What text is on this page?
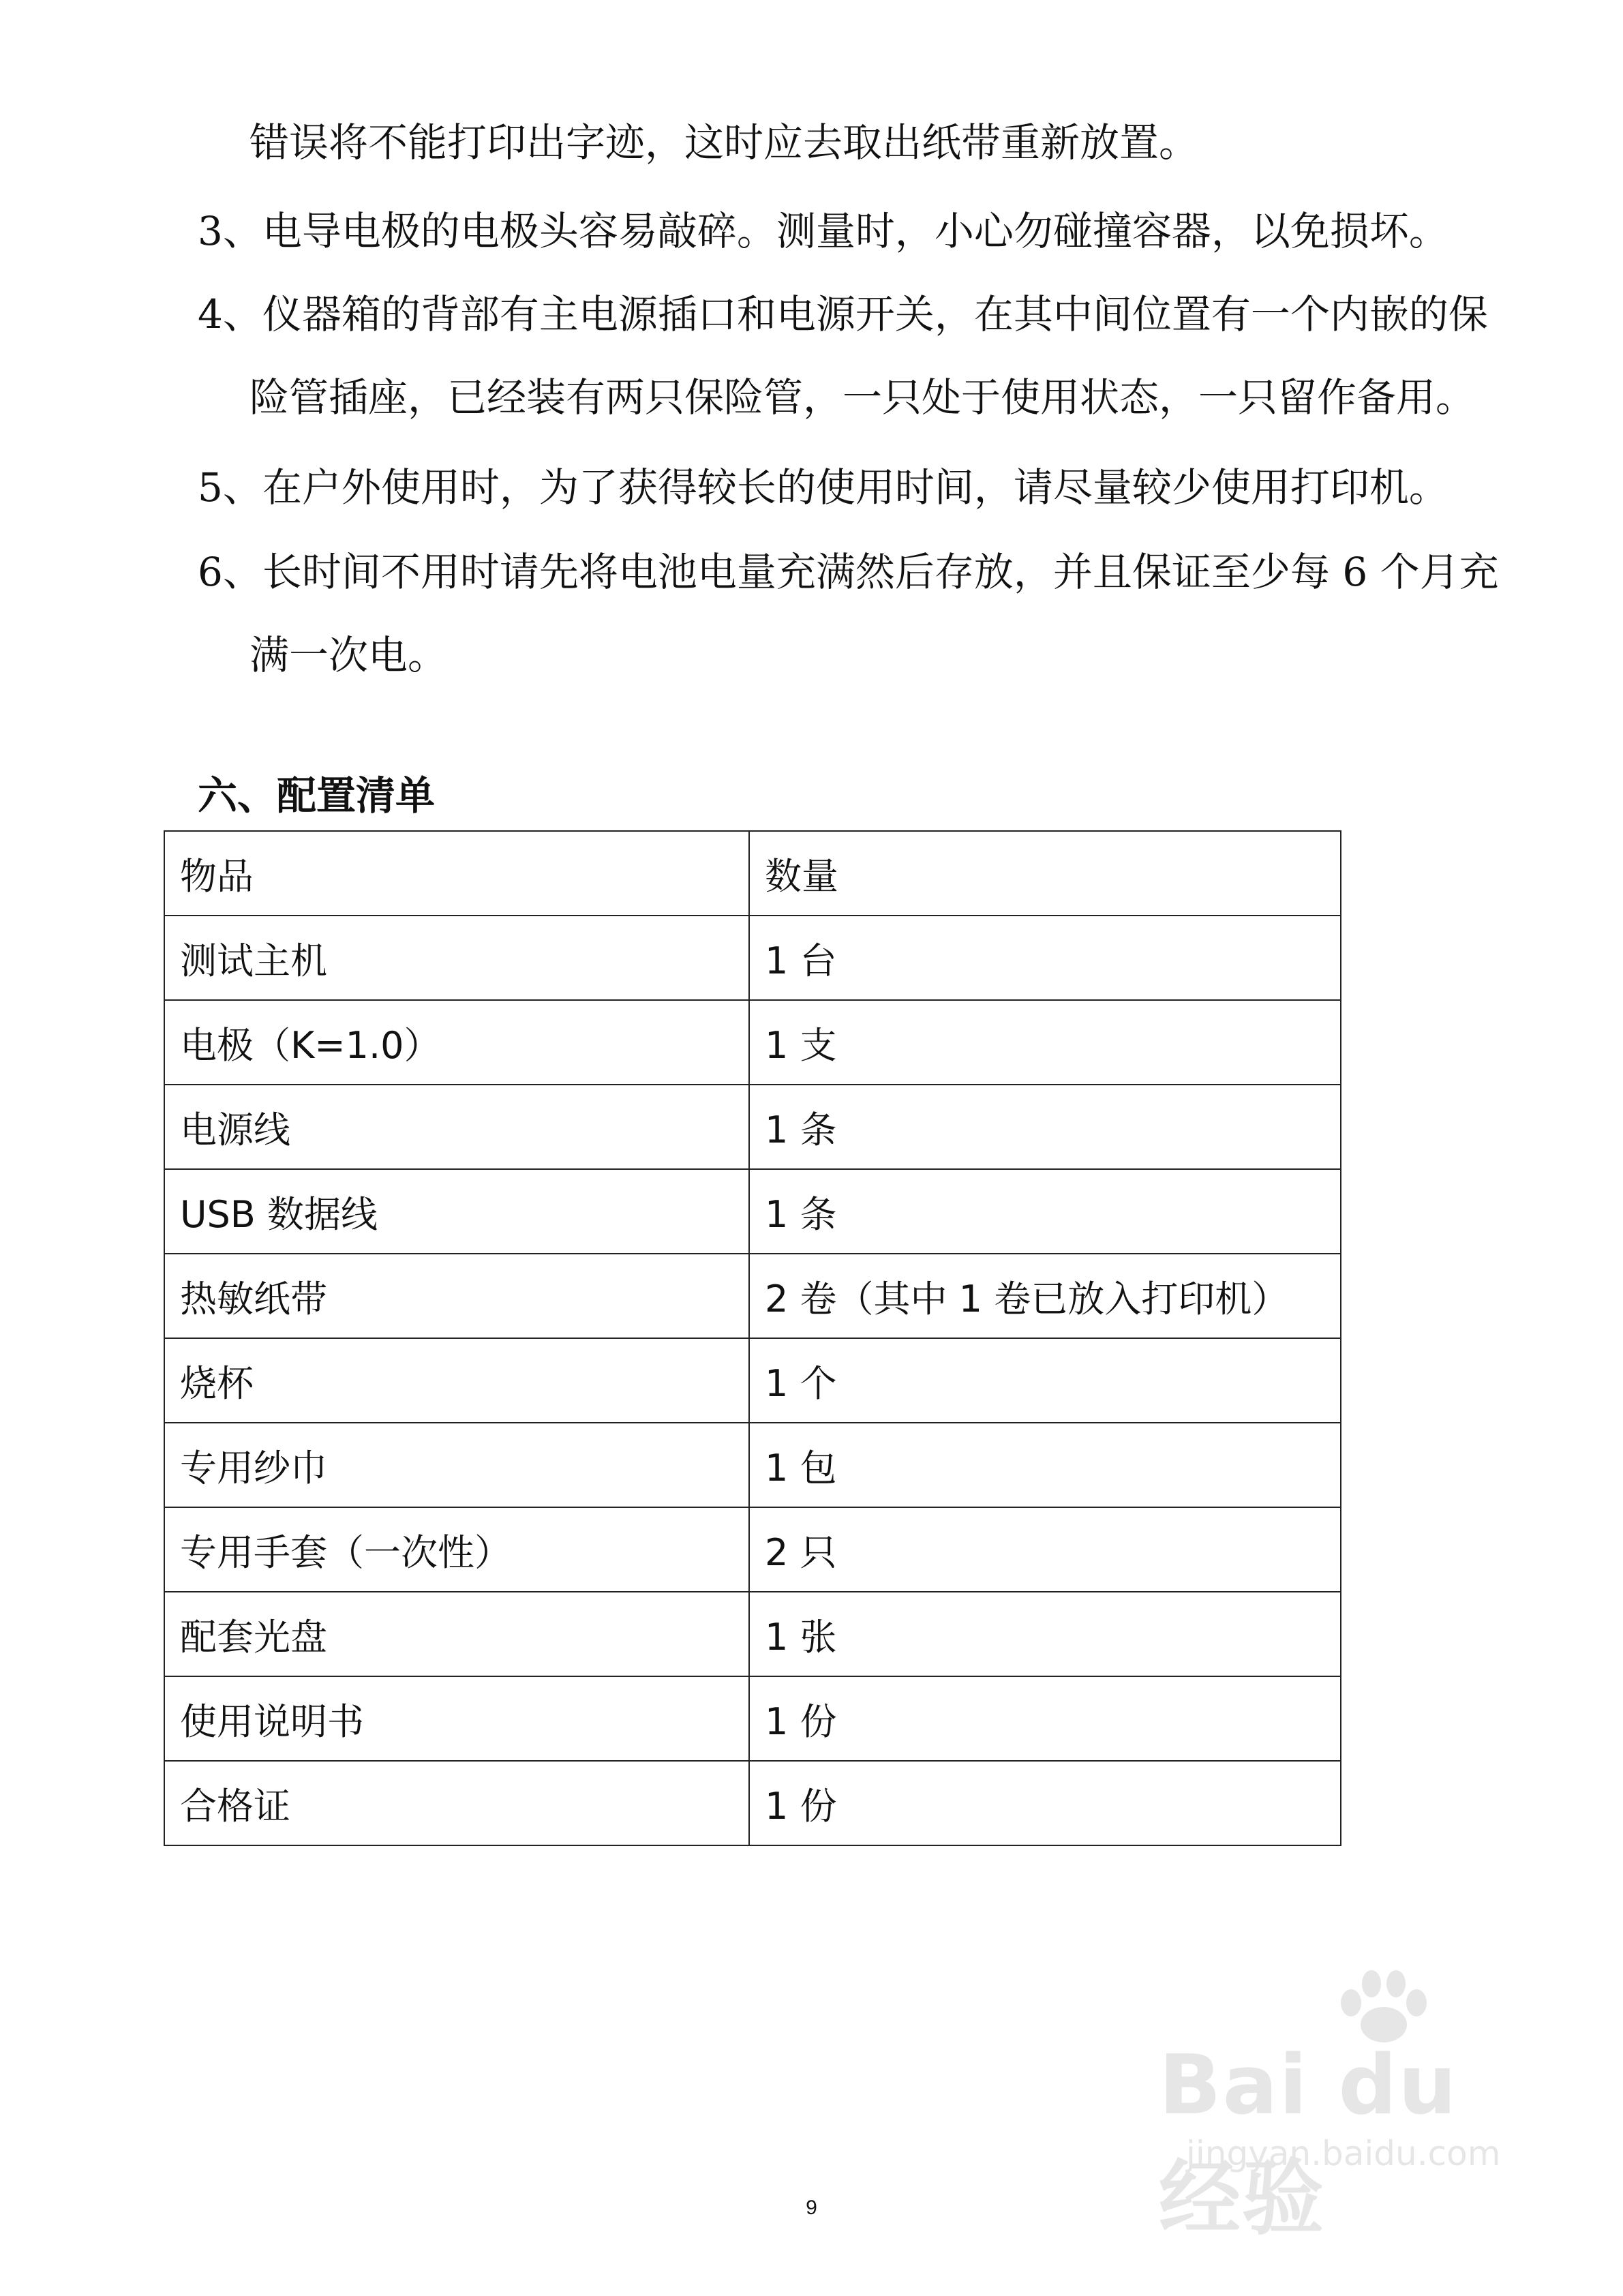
错误将不能打印出字迹，这时应去取出纸带重新放置。
3、电导电极的电极头容易敲碎。测量时，小心勿碰撞容器，以免损坏。
4、仪器箱的背部有主电源插口和电源开关，在其中间位置有一个内嵌的保
险管插座，已经装有两只保险管，一只处于使用状态，一只留作备用。
5、在户外使用时，为了获得较长的使用时间，请尽量较少使用打印机。
6、长时间不用时请先将电池电量充满然后存放，并且保证至少每 6 个月充
满一次电。
六、配置清单
物品	数量
测试主机	1 台
电极（K=1.0）	1 支
电源线	1 条
USB 数据线	1 条
热敏纸带	2 卷（其中 1 卷已放入打印机）
烧杯	1 个
专用纱巾	1 包
专用手套（一次性）	2 只
配套光盘	1 张
使用说明书	1 份
合格证	1 份
Bai du 经验
jingyan.baidu.com
9
